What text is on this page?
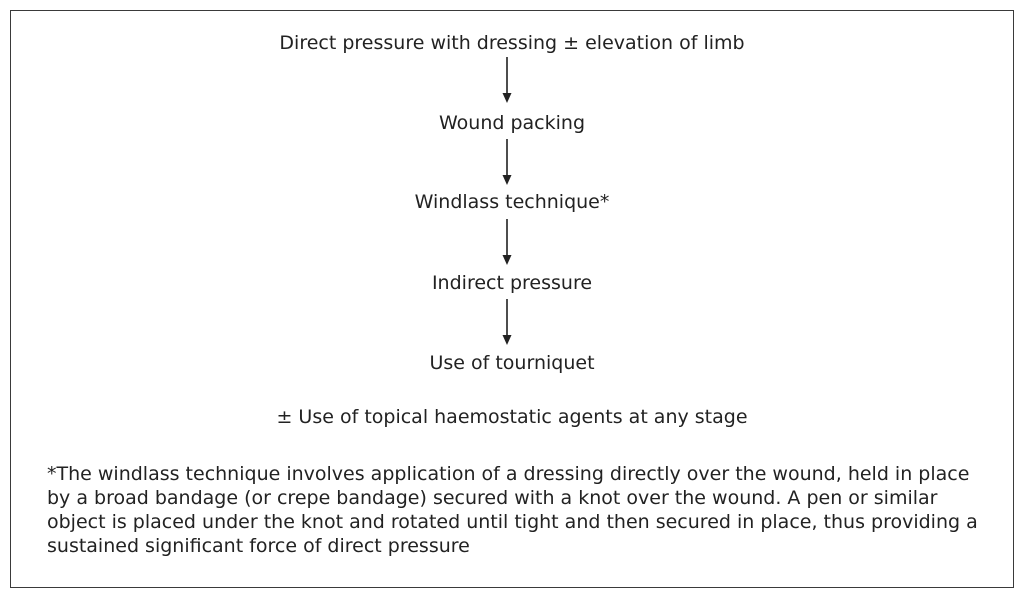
Direct pressure with dressing ± elevation of limb
Wound packing
Windlass technique*
Indirect pressure
Use of tourniquet
± Use of topical haemostatic agents at any stage
*The windlass technique involves application of a dressing directly over the wound, held in place by a broad bandage (or crepe bandage) secured with a knot over the wound. A pen or similar object is placed under the knot and rotated until tight and then secured in place, thus providing a sustained significant force of direct pressure
